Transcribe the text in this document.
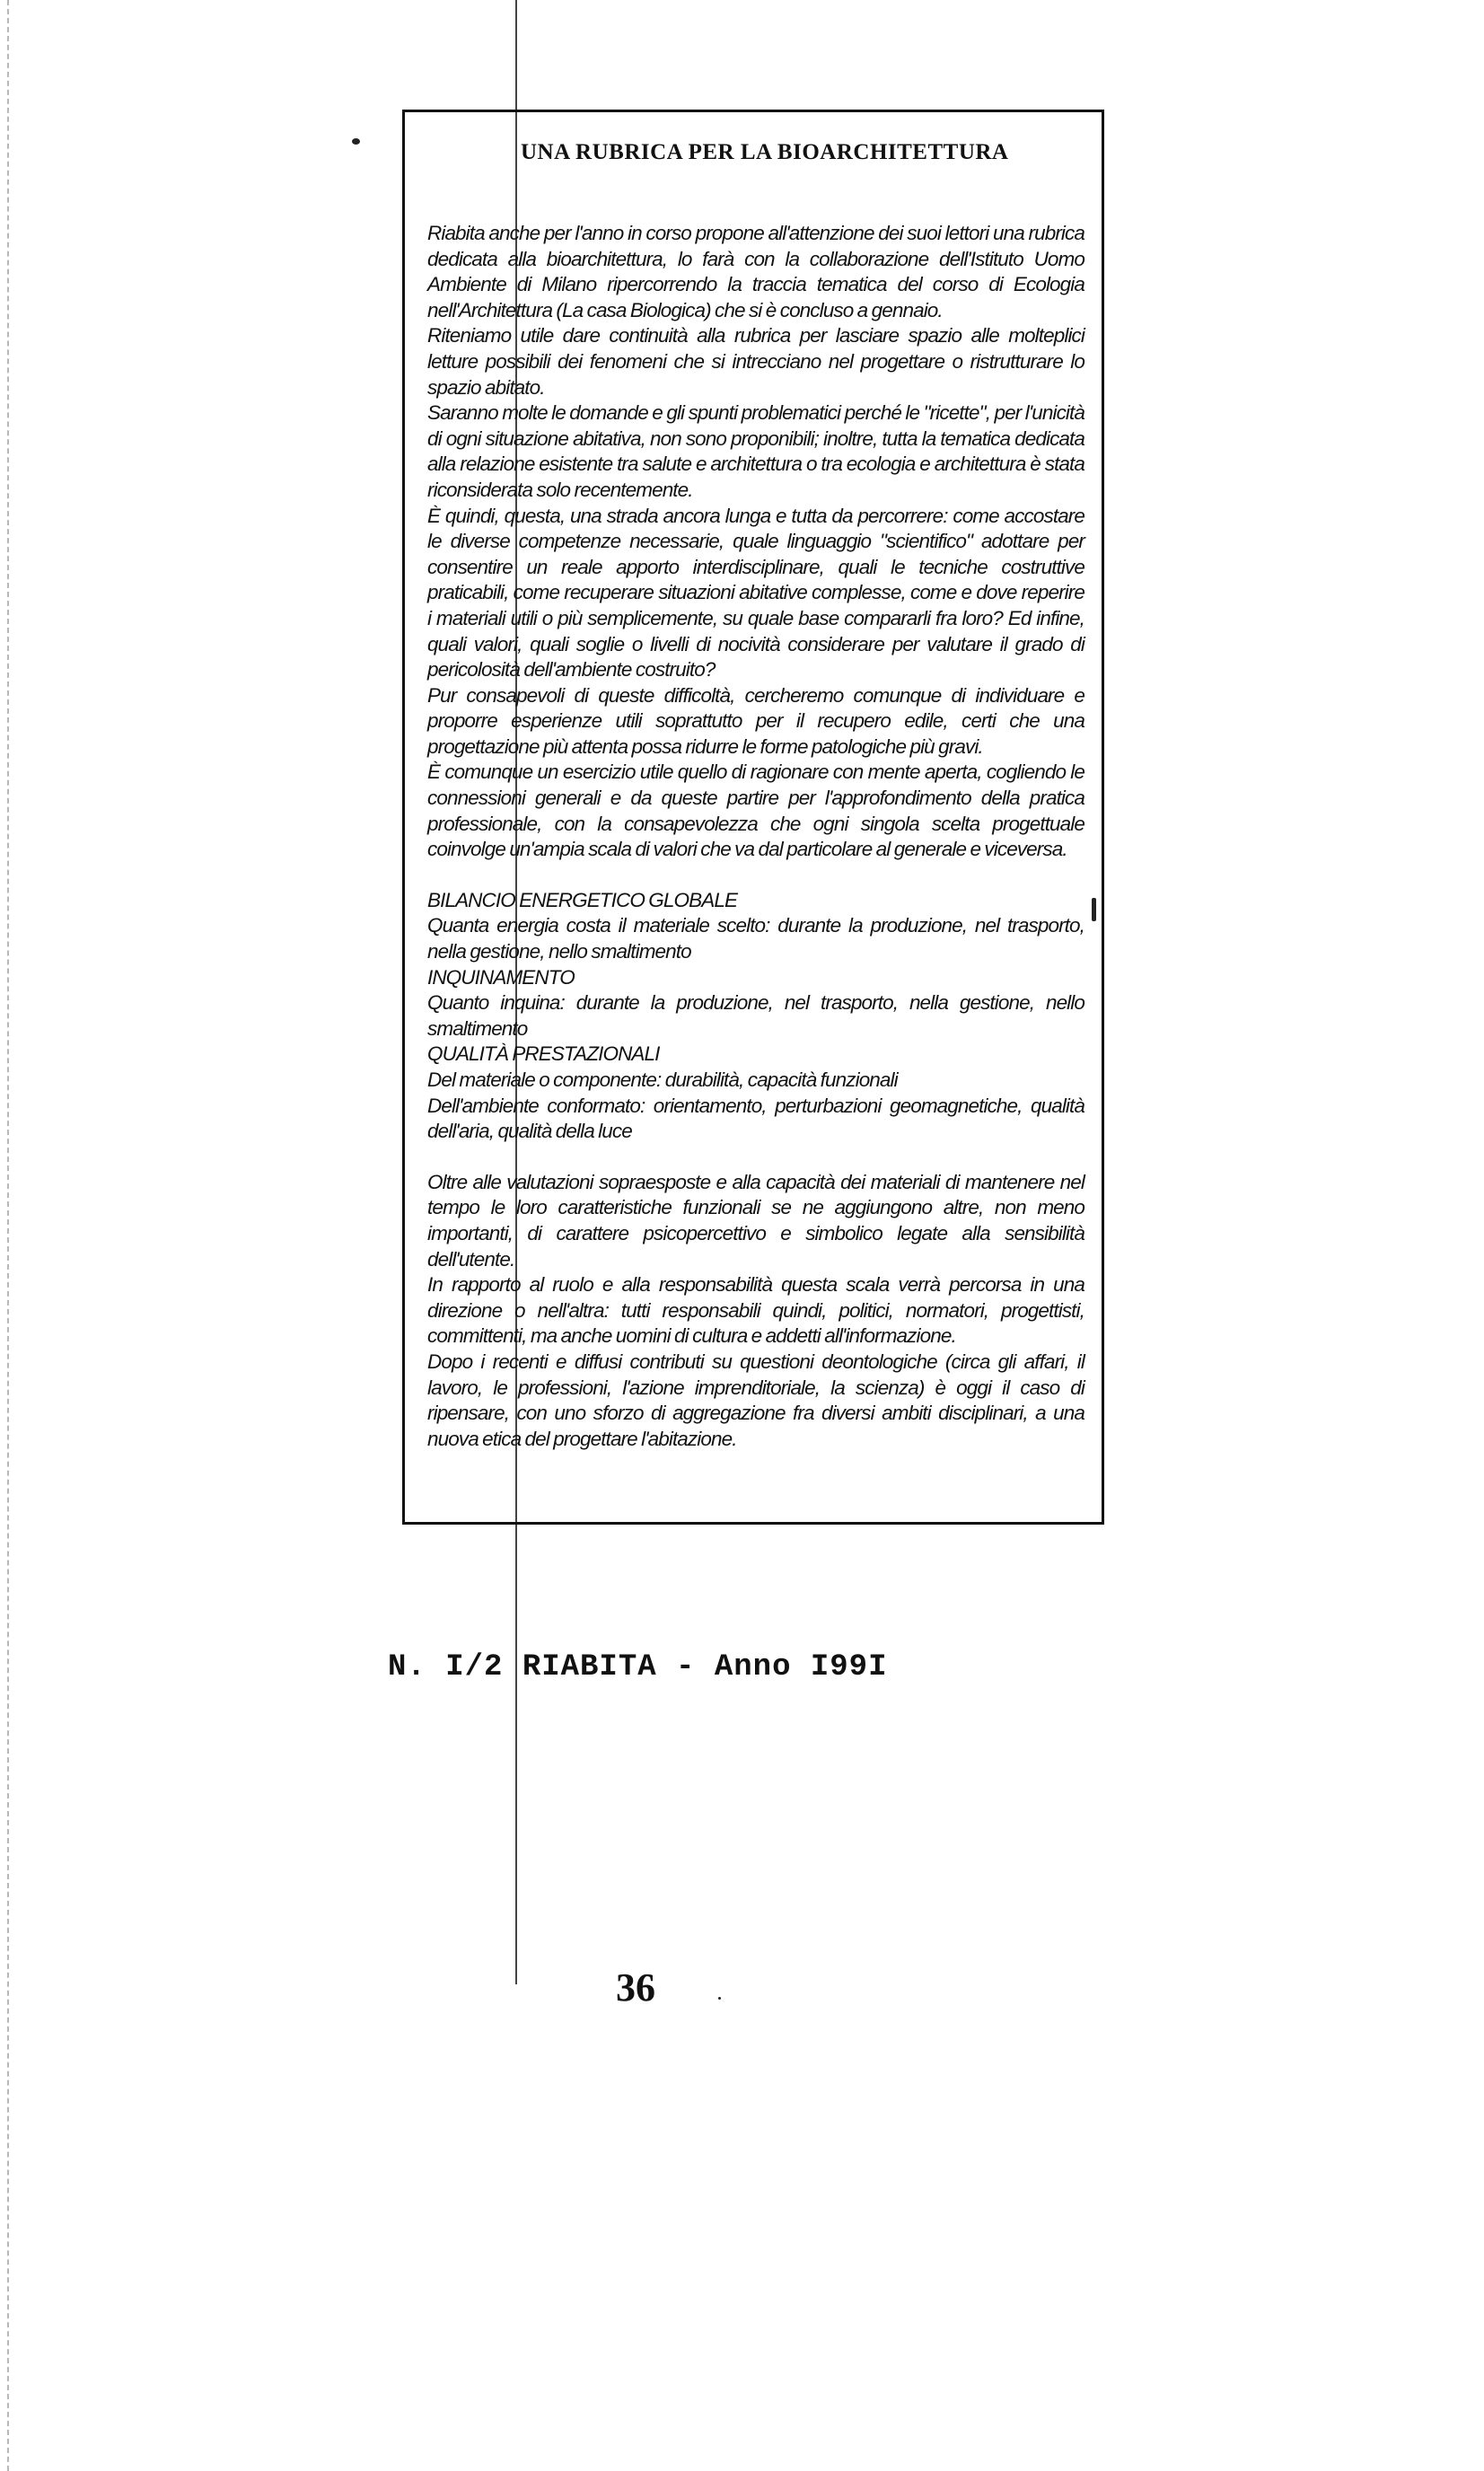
UNA RUBRICA PER LA BIOARCHITETTURA

Riabita anche per l'anno in corso propone all'attenzione dei suoi lettori una rubrica dedicata alla bioarchitettura, lo farà con la collaborazione dell'Istituto Uomo Ambiente di Milano ripercorrendo la traccia tematica del corso di Ecologia nell'Architettura (La casa Biologica) che si è concluso a gennaio.

Riteniamo utile dare continuità alla rubrica per lasciare spazio alle molteplici letture possibili dei fenomeni che si intrecciano nel progettare o ristrutturare lo spazio abitato.

Saranno molte le domande e gli spunti problematici perché le "ricette", per l'unicità di ogni situazione abitativa, non sono proponibili; inoltre, tutta la tematica dedicata alla relazione esistente tra salute e architettura o tra ecologia e architettura è stata riconsiderata solo recentemente.

È quindi, questa, una strada ancora lunga e tutta da percorrere: come accostare le diverse competenze necessarie, quale linguaggio "scientifico" adottare per consentire un reale apporto interdisciplinare, quali le tecniche costruttive praticabili, come recuperare situazioni abitative complesse, come e dove reperire i materiali utili o più semplicemente, su quale base compararli fra loro? Ed infine, quali valori, quali soglie o livelli di nocività considerare per valutare il grado di pericolosità dell'ambiente costruito?

Pur consapevoli di queste difficoltà, cercheremo comunque di individuare e proporre esperienze utili soprattutto per il recupero edile, certi che una progettazione più attenta possa ridurre le forme patologiche più gravi.

È comunque un esercizio utile quello di ragionare con mente aperta, cogliendo le connessioni generali e da queste partire per l'approfondimento della pratica professionale, con la consapevolezza che ogni singola scelta progettuale coinvolge un'ampia scala di valori che va dal particolare al generale e viceversa.

BILANCIO ENERGETICO GLOBALE

Quanta energia costa il materiale scelto: durante la produzione, nel trasporto, nella gestione, nello smaltimento

INQUINAMENTO

Quanto inquina: durante la produzione, nel trasporto, nella gestione, nello smaltimento

QUALITÀ PRESTAZIONALI

Del materiale o componente: durabilità, capacità funzionali

Dell'ambiente conformato: orientamento, perturbazioni geomagnetiche, qualità dell'aria, qualità della luce

Oltre alle valutazioni sopraesposte e alla capacità dei materiali di mantenere nel tempo le loro caratteristiche funzionali se ne aggiungono altre, non meno importanti, di carattere psicopercettivo e simbolico legate alla sensibilità dell'utente.

In rapporto al ruolo e alla responsabilità questa scala verrà percorsa in una direzione o nell'altra: tutti responsabili quindi, politici, normatori, progettisti, committenti, ma anche uomini di cultura e addetti all'informazione.

Dopo i recenti e diffusi contributi su questioni deontologiche (circa gli affari, il lavoro, le professioni, l'azione imprenditoriale, la scienza) è oggi il caso di ripensare, con uno sforzo di aggregazione fra diversi ambiti disciplinari, a una nuova etica del progettare l'abitazione.

N. I/2 RIABITA - Anno I99I
36
